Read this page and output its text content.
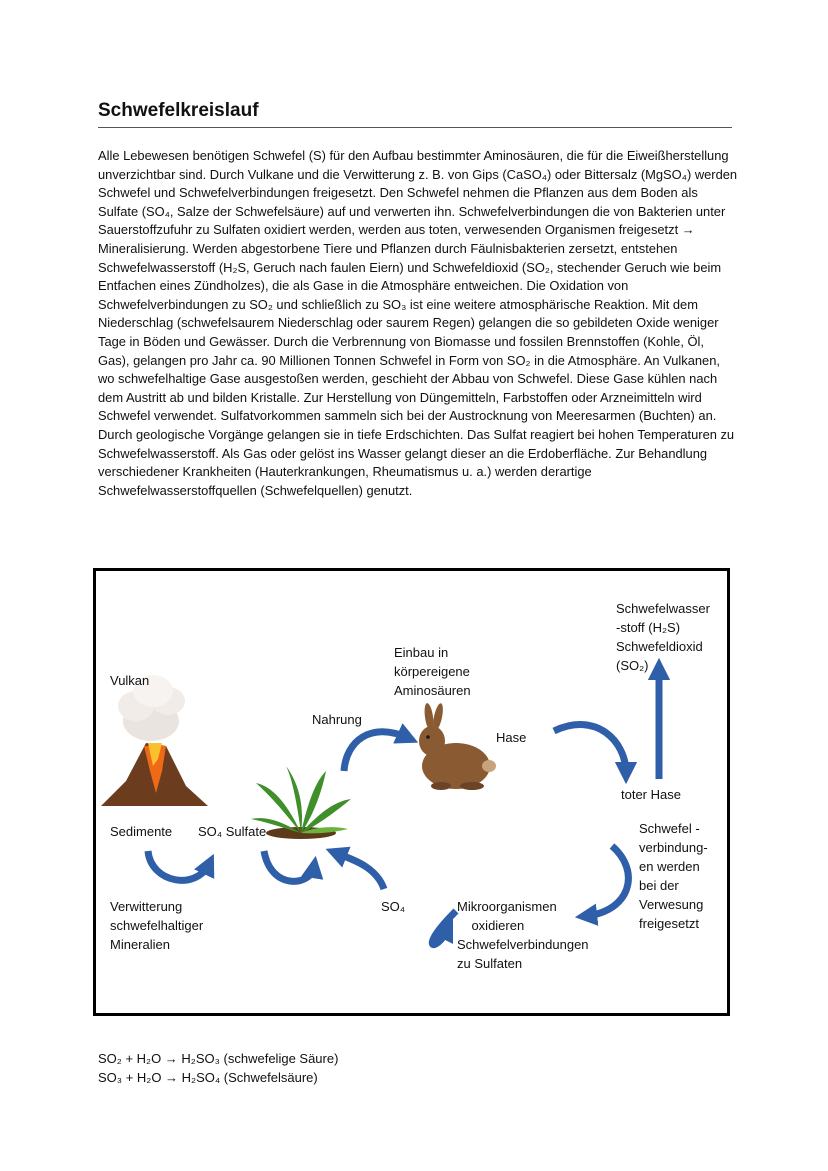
Schwefelkreislauf

Alle Lebewesen benötigen Schwefel (S) für den Aufbau bestimmter Aminosäuren, die für die Eiweißherstellung unverzichtbar sind. Durch Vulkane und die Verwitterung z. B. von Gips (CaSO₄) oder Bittersalz (MgSO₄) werden Schwefel und Schwefelverbindungen freigesetzt. Den Schwefel nehmen die Pflanzen aus dem Boden als Sulfate (SO₄, Salze der Schwefelsäure) auf und verwerten ihn. Schwefelverbindungen die von Bakterien unter Sauerstoffzufuhr zu Sulfaten oxidiert werden, werden aus toten, verwesenden Organismen freigesetzt → Mineralisierung. Werden abgestorbene Tiere und Pflanzen durch Fäulnisbakterien zersetzt, entstehen Schwefelwasserstoff (H₂S, Geruch nach faulen Eiern) und Schwefeldioxid (SO₂, stechender Geruch wie beim Entfachen eines Zündholzes), die als Gase in die Atmosphäre entweichen. Die Oxidation von Schwefelverbindungen zu SO₂ und schließlich zu SO₃ ist eine weitere atmosphärische Reaktion. Mit dem Niederschlag (schwefelsaurem Niederschlag oder saurem Regen) gelangen die so gebildeten Oxide weniger Tage in Böden und Gewässer. Durch die Verbrennung von Biomasse und fossilen Brennstoffen (Kohle, Öl, Gas), gelangen pro Jahr ca. 90 Millionen Tonnen Schwefel in Form von SO₂ in die Atmosphäre. An Vulkanen, wo schwefelhaltige Gase ausgestoßen werden, geschieht der Abbau von Schwefel. Diese Gase kühlen nach dem Austritt ab und bilden Kristalle. Zur Herstellung von Düngemitteln, Farbstoffen oder Arzneimitteln wird Schwefel verwendet. Sulfatvorkommen sammeln sich bei der Austrocknung von Meeresarmen (Buchten) an. Durch geologische Vorgänge gelangen sie in tiefe Erdschichten. Das Sulfat reagiert bei hohen Temperaturen zu Schwefelwasserstoff. Als Gas oder gelöst ins Wasser gelangt dieser an die Erdoberfläche. Zur Behandlung verschiedener Krankheiten (Hauterkrankungen, Rheumatismus u. a.) werden derartige Schwefelwasserstoffquellen (Schwefelquellen) genutzt.

Vulkan
Sedimente SO₄ Sulfate
Verwitterung
schwefelhaltiger
Mineralien
Nahrung
Einbau in
körpereigene
Aminosäuren
Hase
Schwefelwasser
-stoff (H₂S)
Schwefeldioxid
(SO₂)
toter Hase
Schwefel -
verbindung-
en werden
bei der
Verwesung
freigesetzt
SO₄	Mikroorganismen
oxidieren
Schwefelverbindungen
zu Sulfaten
SO₂ + H₂O → H₂SO₃ (schwefelige Säure)
SO₃ + H₂O → H₂SO₄ (Schwefelsäure)
